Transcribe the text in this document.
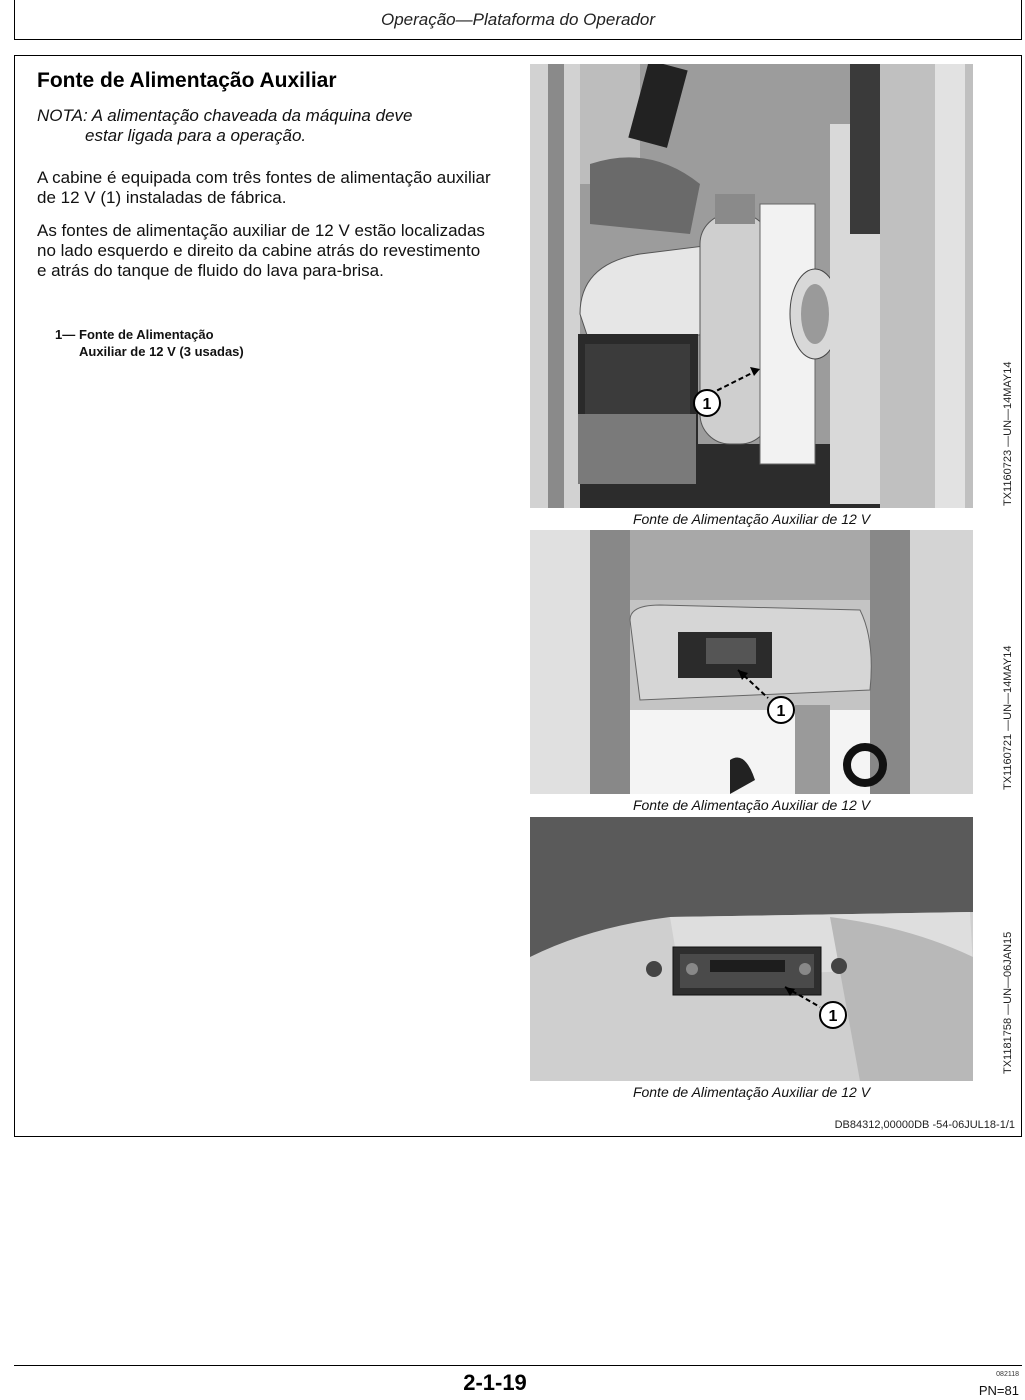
Operação—Plataforma do Operador
Fonte de Alimentação Auxiliar
NOTA: A alimentação chaveada da máquina deve
estar ligada para a operação.
A cabine é equipada com três fontes de alimentação auxiliar de 12 V (1) instaladas de fábrica.
As fontes de alimentação auxiliar de 12 V estão localizadas no lado esquerdo e direito da cabine atrás do revestimento e atrás do tanque de fluido do lava para-brisa.
1— Fonte de Alimentação
Auxiliar de 12 V (3 usadas)
1
Fonte de Alimentação Auxiliar de 12 V
TX1160723 —UN—14MAY14
1
Fonte de Alimentação Auxiliar de 12 V
TX1160721 —UN—14MAY14
1
Fonte de Alimentação Auxiliar de 12 V
TX1181758 —UN—06JAN15
DB84312,00000DB -54-06JUL18-1/1
2-1-19	082118
PN=81
